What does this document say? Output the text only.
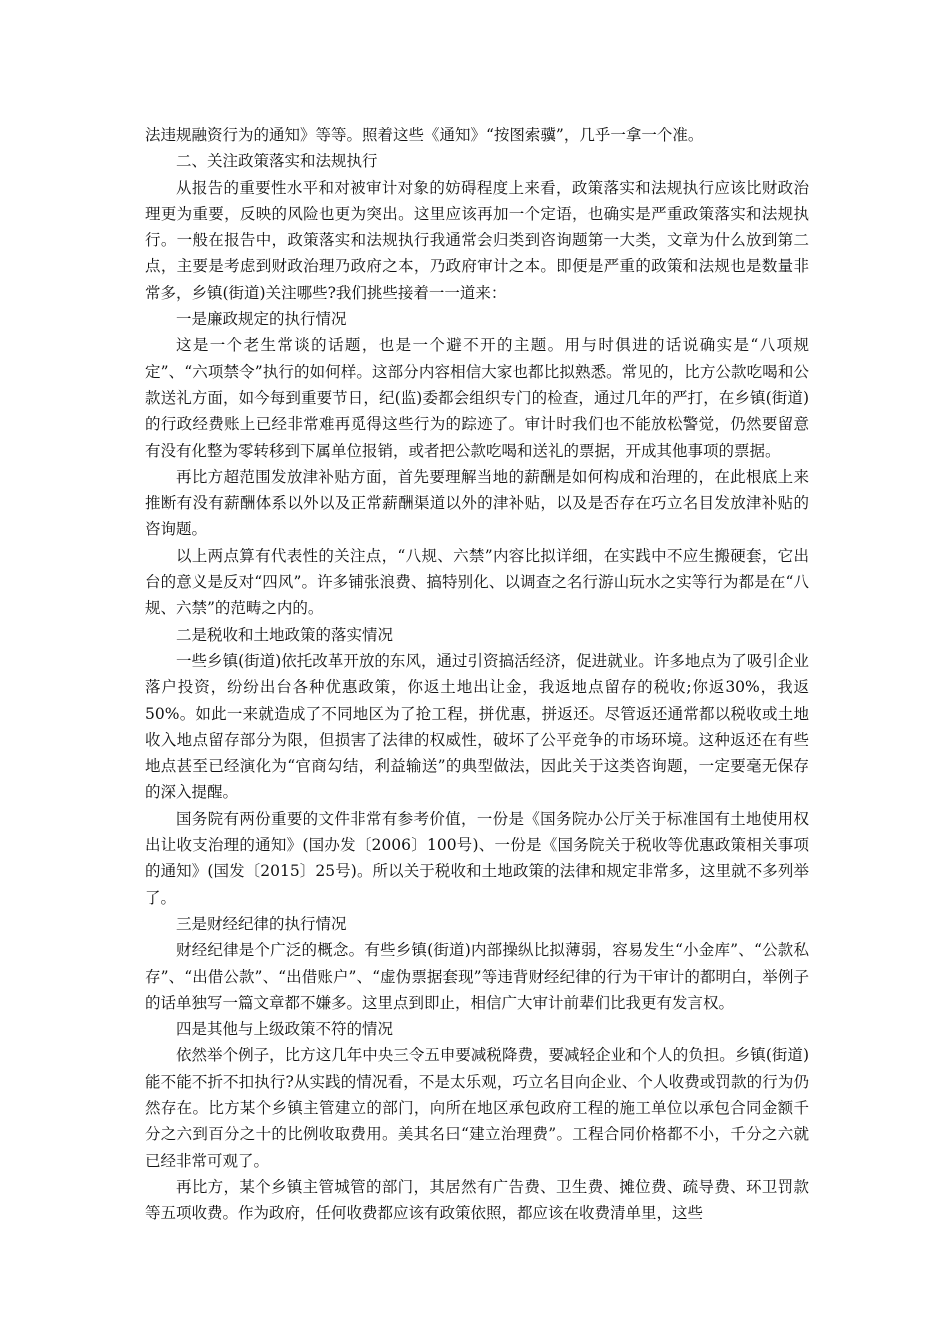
法违规融资行为的通知》等等。照着这些《通知》“按图索骥”，几乎一拿一个准。

二、关注政策落实和法规执行

从报告的重要性水平和对被审计对象的妨碍程度上来看，政策落实和法规执行应该比财政治理更为重要，反映的风险也更为突出。这里应该再加一个定语，也确实是严重政策落实和法规执行。一般在报告中，政策落实和法规执行我通常会归类到咨询题第一大类，文章为什么放到第二点，主要是考虑到财政治理乃政府之本，乃政府审计之本。即便是严重的政策和法规也是数量非常多，乡镇(街道)关注哪些?我们挑些接着一一道来：

一是廉政规定的执行情况

这是一个老生常谈的话题，也是一个避不开的主题。用与时俱进的话说确实是“八项规定”、“六项禁令”执行的如何样。这部分内容相信大家也都比拟熟悉。常见的，比方公款吃喝和公款送礼方面，如今每到重要节日，纪(监)委都会组织专门的检查，通过几年的严打，在乡镇(街道)的行政经费账上已经非常难再觅得这些行为的踪迹了。审计时我们也不能放松警觉，仍然要留意有没有化整为零转移到下属单位报销，或者把公款吃喝和送礼的票据，开成其他事项的票据。

再比方超范围发放津补贴方面，首先要理解当地的薪酬是如何构成和治理的，在此根底上来推断有没有薪酬体系以外以及正常薪酬渠道以外的津补贴，以及是否存在巧立名目发放津补贴的咨询题。

以上两点算有代表性的关注点，“八规、六禁”内容比拟详细，在实践中不应生搬硬套，它出台的意义是反对“四风”。许多铺张浪费、搞特别化、以调查之名行游山玩水之实等行为都是在“八规、六禁”的范畴之内的。

二是税收和土地政策的落实情况

一些乡镇(街道)依托改革开放的东风，通过引资搞活经济，促进就业。许多地点为了吸引企业落户投资，纷纷出台各种优惠政策，你返土地出让金，我返地点留存的税收;你返30%，我返50%。如此一来就造成了不同地区为了抢工程，拼优惠，拼返还。尽管返还通常都以税收或土地收入地点留存部分为限，但损害了法律的权威性，破坏了公平竞争的市场环境。这种返还在有些地点甚至已经演化为“官商勾结，利益输送”的典型做法，因此关于这类咨询题，一定要毫无保存的深入提醒。

国务院有两份重要的文件非常有参考价值，一份是《国务院办公厅关于标准国有土地使用权出让收支治理的通知》(国办发〔2006〕100号)、一份是《国务院关于税收等优惠政策相关事项的通知》(国发〔2015〕25号)。所以关于税收和土地政策的法律和规定非常多，这里就不多列举了。

三是财经纪律的执行情况

财经纪律是个广泛的概念。有些乡镇(街道)内部操纵比拟薄弱，容易发生“小金库”、“公款私存”、“出借公款”、“出借账户”、“虚伪票据套现”等违背财经纪律的行为干审计的都明白，举例子的话单独写一篇文章都不嫌多。这里点到即止，相信广大审计前辈们比我更有发言权。

四是其他与上级政策不符的情况

依然举个例子，比方这几年中央三令五申要减税降费，要减轻企业和个人的负担。乡镇(街道)能不能不折不扣执行?从实践的情况看，不是太乐观，巧立名目向企业、个人收费或罚款的行为仍然存在。比方某个乡镇主管建立的部门，向所在地区承包政府工程的施工单位以承包合同金额千分之六到百分之十的比例收取费用。美其名曰“建立治理费”。工程合同价格都不小，千分之六就已经非常可观了。

再比方，某个乡镇主管城管的部门，其居然有广告费、卫生费、摊位费、疏导费、环卫罚款等五项收费。作为政府，任何收费都应该有政策依照，都应该在收费清单里，这些
